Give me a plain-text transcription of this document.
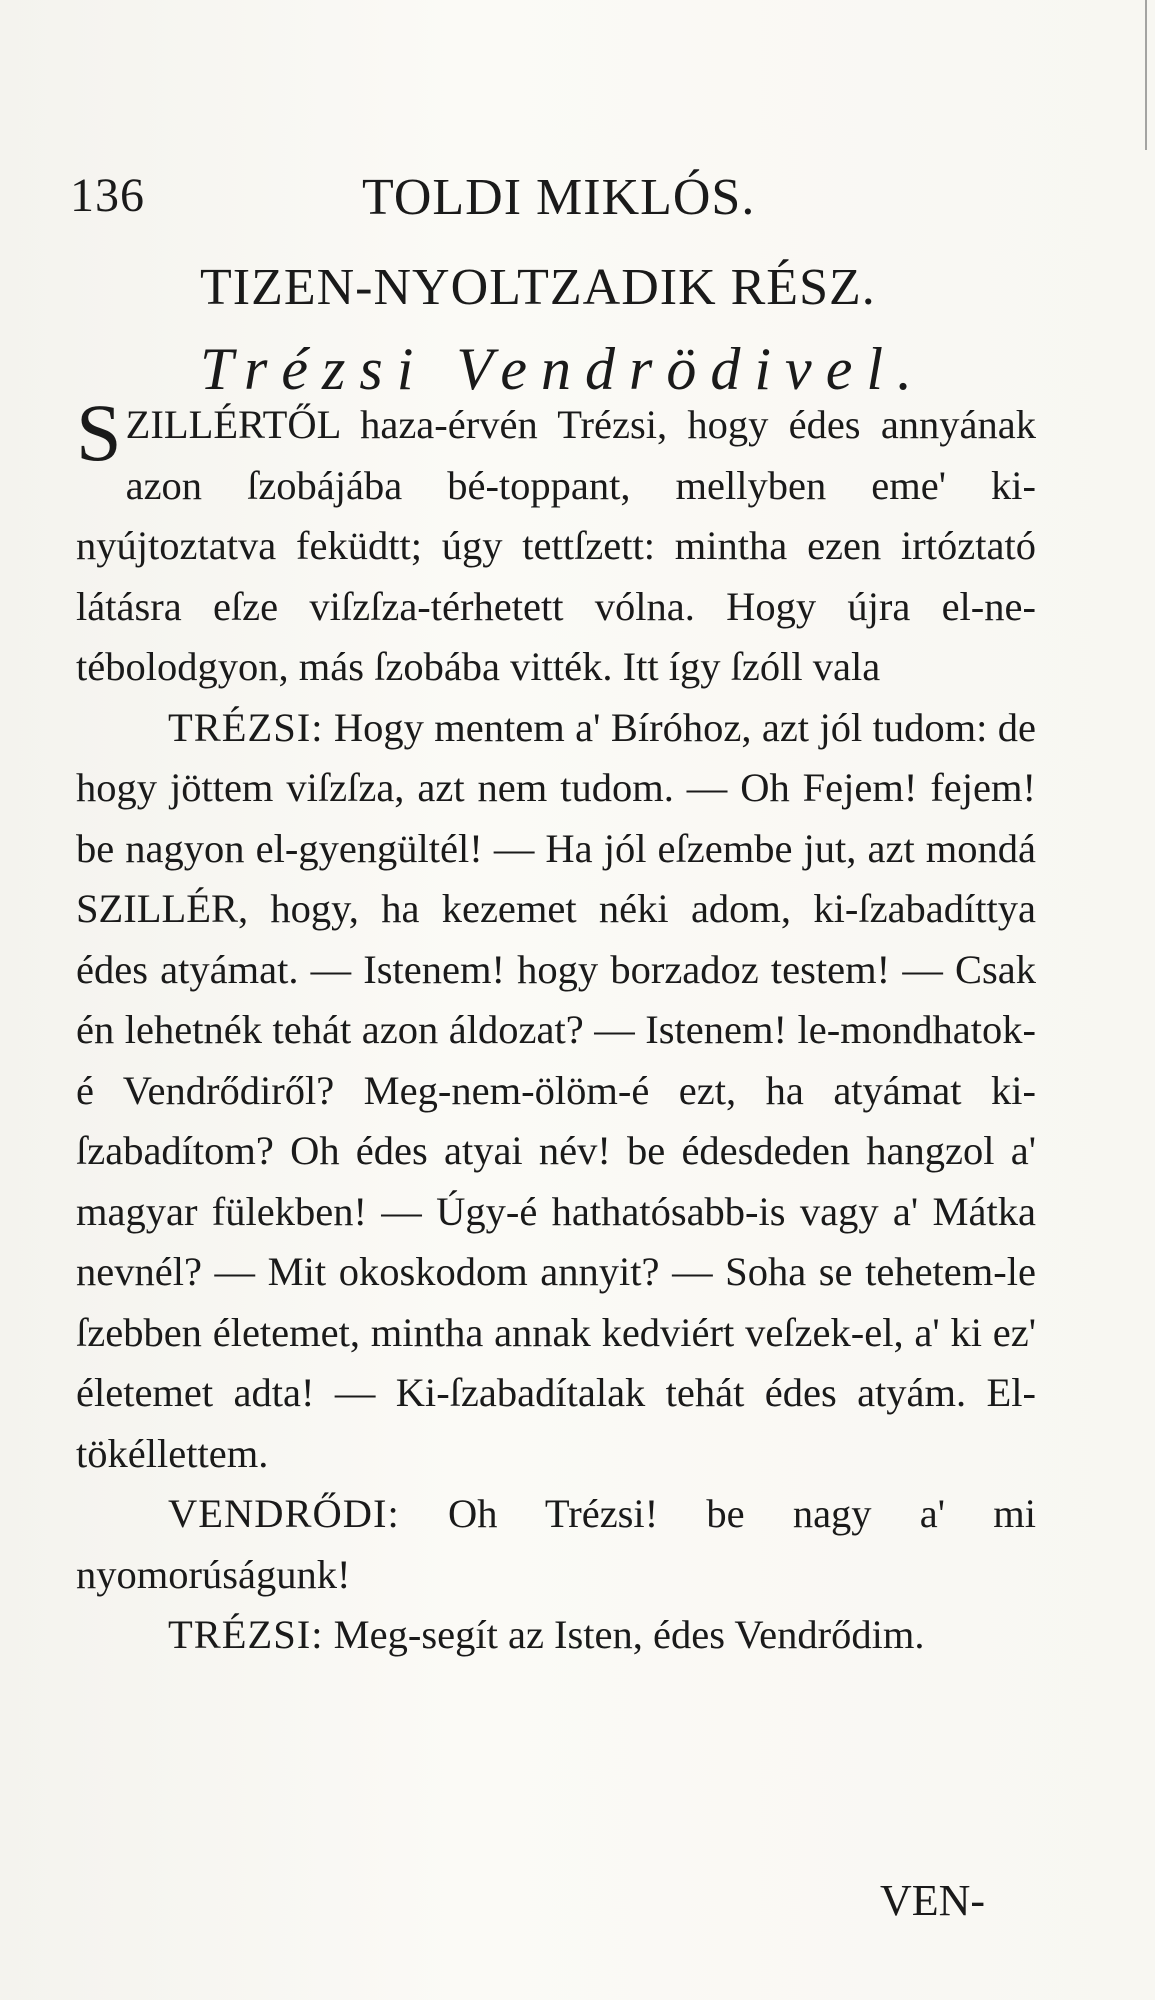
136	TOLDI MIKLÓS.
TIZEN-NYOLTZADIK RÉSZ.
Trézsi Vendrödivel.

SZILLÉRTŐL haza-érvén Trézsi, hogy édes annyának azon ſzobájába bé-toppant, mellyben eme' ki-nyújtoztatva feküdtt; úgy tettſzett: mintha ezen irtóztató látásra eſze viſzſza-térhetett vólna. Hogy újra el-ne-tébolodgyon, más ſzobába vitték. Itt így ſzóll vala

TRÉZSI: Hogy mentem a' Bíróhoz, azt jól tudom: de hogy jöttem viſzſza, azt nem tudom. — Oh Fejem! fejem! be nagyon el-gyengültél! — Ha jól eſzembe jut, azt mondá SZILLÉR, hogy, ha kezemet néki adom, ki-ſzabadíttya édes atyámat. — Istenem! hogy borzadoz testem! — Csak én lehetnék tehát azon áldozat? — Istenem! le-mondhatok-é Vendrődiről? Meg-nem-ölöm-é ezt, ha atyámat ki-ſzabadítom? Oh édes atyai név! be édesdeden hangzol a' magyar fülekben! — Úgy-é hathatósabb-is vagy a' Mátka nevnél? — Mit okoskodom annyit? — Soha se tehetem-le ſzebben életemet, mintha annak kedviért veſzek-el, a' ki ez' életemet adta! — Ki-ſzabadítalak tehát édes atyám. El-tökéllettem.

VENDRŐDI: Oh Trézsi! be nagy a' mi nyomorúságunk!

TRÉZSI: Meg-segít az Isten, édes Vendrődim.

VEN-
